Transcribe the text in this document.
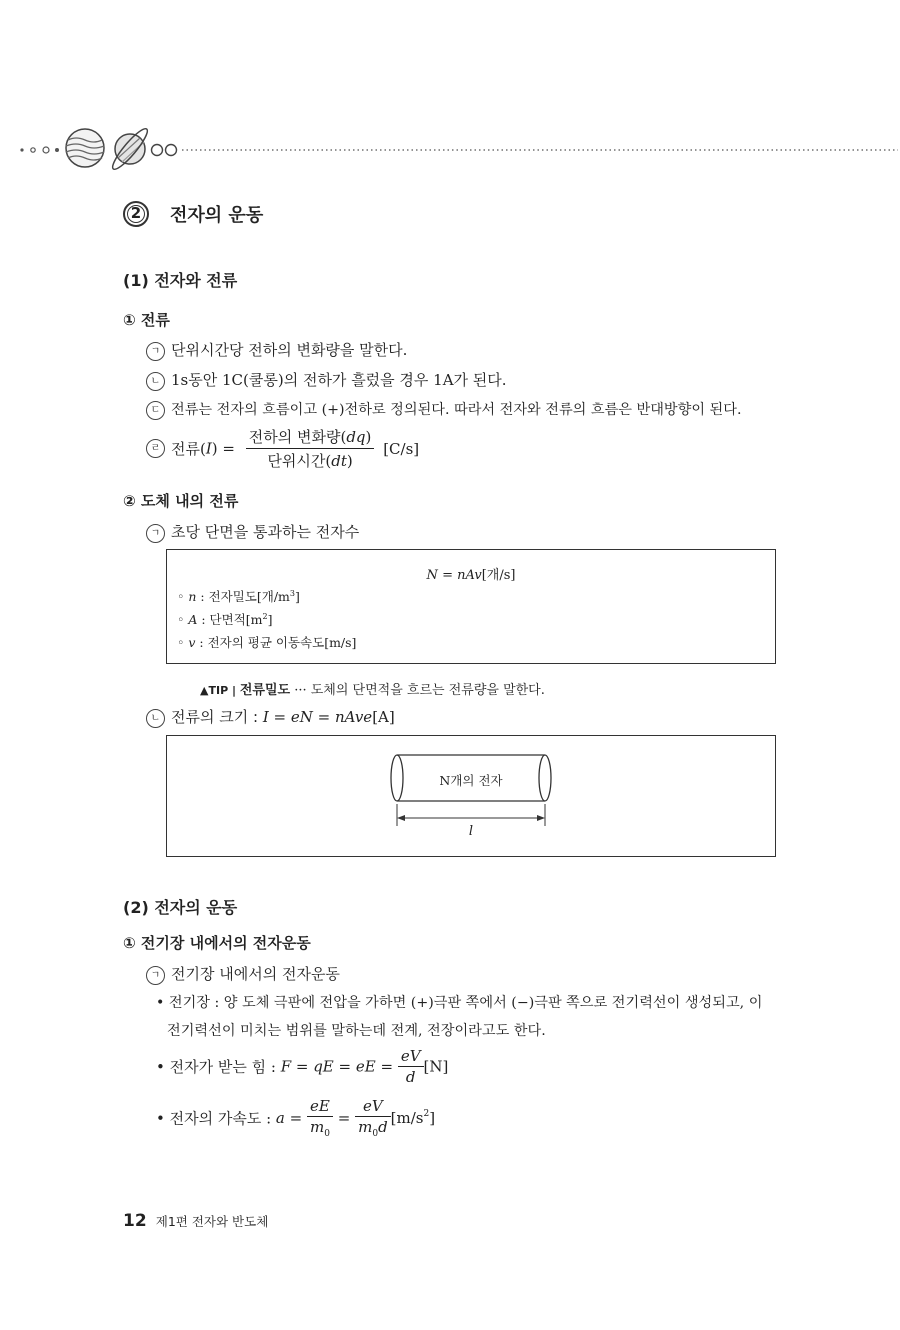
2	전자의 운동
(1) 전자와 전류
① 전류
ㄱ 단위시간당 전하의 변화량을 말한다.
ㄴ 1s동안 1C(쿨롱)의 전하가 흘렀을 경우 1A가 된다.
ㄷ 전류는 전자의 흐름이고 (+)전하로 정의된다. 따라서 전자와 전류의 흐름은 반대방향이 된다.
ㄹ 전류$(I) = \frac{\text{전하의 변화량(dq)}}{\text{단위시간(dt)}} [C/s]$
② 도체 내의 전류
ㄱ 초당 단면을 통과하는 전자수
N = nAv[개/s]
◦ n : 전자밀도[개$/m^3$]
◦ A : 단면적$[m^2]$
◦ v : 전자의 평균 이동속도[m/s]
▲TIP | 전류밀도 ··· 도체의 단면적을 흐르는 전류량을 말한다.
ㄴ 전류의 크기 : I = eN = nAve[A]
N개의 전자
l
(2) 전자의 운동
① 전기장 내에서의 전자운동
ㄱ 전기장 내에서의 전자운동
• 전기장 : 양 도체 극판에 전압을 가하면 (+)극판 쪽에서 (−)극판 쪽으로 전기력선이 생성되고, 이
전기력선이 미치는 범위를 말하는데 전계, 전장이라고도 한다.
• 전자가 받는 힘 : F = qE = eE = $\frac{eV}{d} [N]$
• 전자의 가속도 : $a = \frac{eE}{m_0} = \frac{eV}{m_0d} [m/s^2]$
12 제1편 전자와 반도체
